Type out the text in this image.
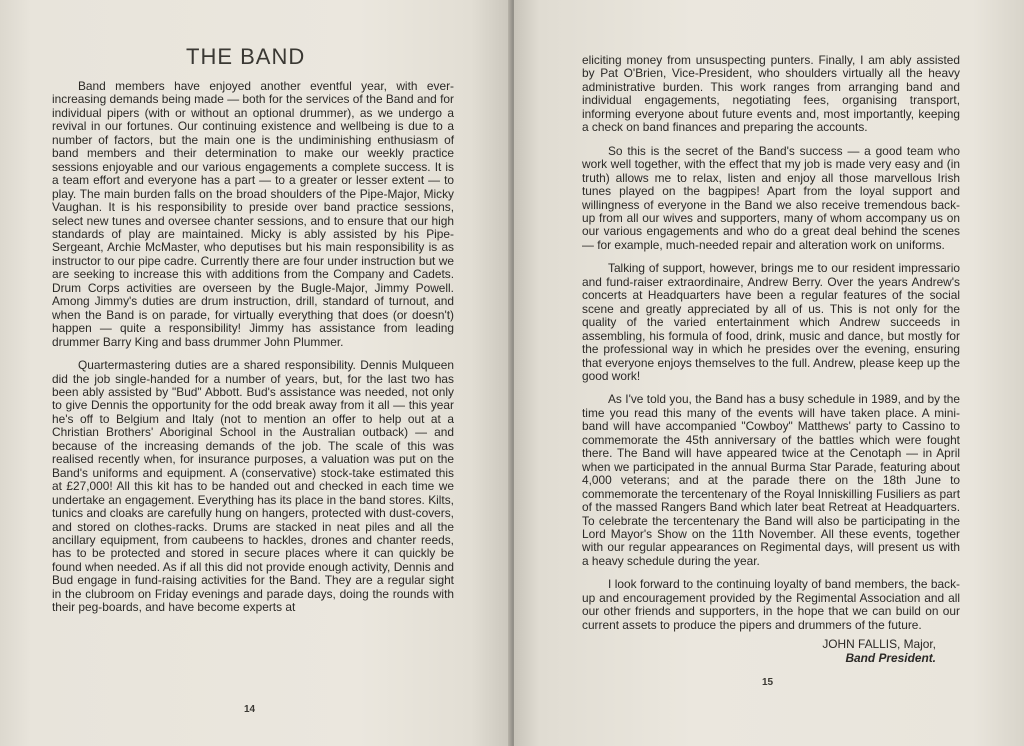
THE BAND

Band members have enjoyed another eventful year, with ever-increasing demands being made — both for the services of the Band and for individual pipers (with or without an optional drummer), as we undergo a revival in our fortunes. Our continuing existence and wellbeing is due to a number of factors, but the main one is the undiminishing enthusiasm of band members and their determination to make our weekly practice sessions enjoyable and our various engagements a complete success. It is a team effort and everyone has a part — to a greater or lesser extent — to play. The main burden falls on the broad shoulders of the Pipe-Major, Micky Vaughan. It is his responsibility to preside over band practice sessions, select new tunes and oversee chanter sessions, and to ensure that our high standards of play are maintained. Micky is ably assisted by his Pipe-Sergeant, Archie McMaster, who deputises but his main responsibility is as instructor to our pipe cadre. Currently there are four under instruction but we are seeking to increase this with additions from the Company and Cadets. Drum Corps activities are overseen by the Bugle-Major, Jimmy Powell. Among Jimmy's duties are drum instruction, drill, standard of turnout, and when the Band is on parade, for virtually everything that does (or doesn't) happen — quite a responsibility! Jimmy has assistance from leading drummer Barry King and bass drummer John Plummer.

Quartermastering duties are a shared responsibility. Dennis Mulqueen did the job single-handed for a number of years, but, for the last two has been ably assisted by "Bud" Abbott. Bud's assistance was needed, not only to give Dennis the opportunity for the odd break away from it all — this year he's off to Belgium and Italy (not to mention an offer to help out at a Christian Brothers' Aboriginal School in the Australian outback) — and because of the increasing demands of the job. The scale of this was realised recently when, for insurance purposes, a valuation was put on the Band's uniforms and equipment. A (conservative) stock-take estimated this at £27,000! All this kit has to be handed out and checked in each time we undertake an engagement. Everything has its place in the band stores. Kilts, tunics and cloaks are carefully hung on hangers, protected with dust-covers, and stored on clothes-racks. Drums are stacked in neat piles and all the ancillary equipment, from caubeens to hackles, drones and chanter reeds, has to be protected and stored in secure places where it can quickly be found when needed. As if all this did not provide enough activity, Dennis and Bud engage in fund-raising activities for the Band. They are a regular sight in the clubroom on Friday evenings and parade days, doing the rounds with their peg-boards, and have become experts at

14

eliciting money from unsuspecting punters. Finally, I am ably assisted by Pat O'Brien, Vice-President, who shoulders virtually all the heavy administrative burden. This work ranges from arranging band and individual engagements, negotiating fees, organising transport, informing everyone about future events and, most importantly, keeping a check on band finances and preparing the accounts.

So this is the secret of the Band's success — a good team who work well together, with the effect that my job is made very easy and (in truth) allows me to relax, listen and enjoy all those marvellous Irish tunes played on the bagpipes! Apart from the loyal support and willingness of everyone in the Band we also receive tremendous back-up from all our wives and supporters, many of whom accompany us on our various engagements and who do a great deal behind the scenes — for example, much-needed repair and alteration work on uniforms.

Talking of support, however, brings me to our resident impressario and fund-raiser extraordinaire, Andrew Berry. Over the years Andrew's concerts at Headquarters have been a regular features of the social scene and greatly appreciated by all of us. This is not only for the quality of the varied entertainment which Andrew succeeds in assembling, his formula of food, drink, music and dance, but mostly for the professional way in which he presides over the evening, ensuring that everyone enjoys themselves to the full. Andrew, please keep up the good work!

As I've told you, the Band has a busy schedule in 1989, and by the time you read this many of the events will have taken place. A mini-band will have accompanied "Cowboy" Matthews' party to Cassino to commemorate the 45th anniversary of the battles which were fought there. The Band will have appeared twice at the Cenotaph — in April when we participated in the annual Burma Star Parade, featuring about 4,000 veterans; and at the parade there on the 18th June to commemorate the tercentenary of the Royal Inniskilling Fusiliers as part of the massed Rangers Band which later beat Retreat at Headquarters. To celebrate the tercentenary the Band will also be participating in the Lord Mayor's Show on the 11th November. All these events, together with our regular appearances on Regimental days, will present us with a heavy schedule during the year.

I look forward to the continuing loyalty of band members, the back-up and encouragement provided by the Regimental Association and all our other friends and supporters, in the hope that we can build on our current assets to produce the pipers and drummers of the future.

JOHN FALLIS, Major,
Band President.
15
